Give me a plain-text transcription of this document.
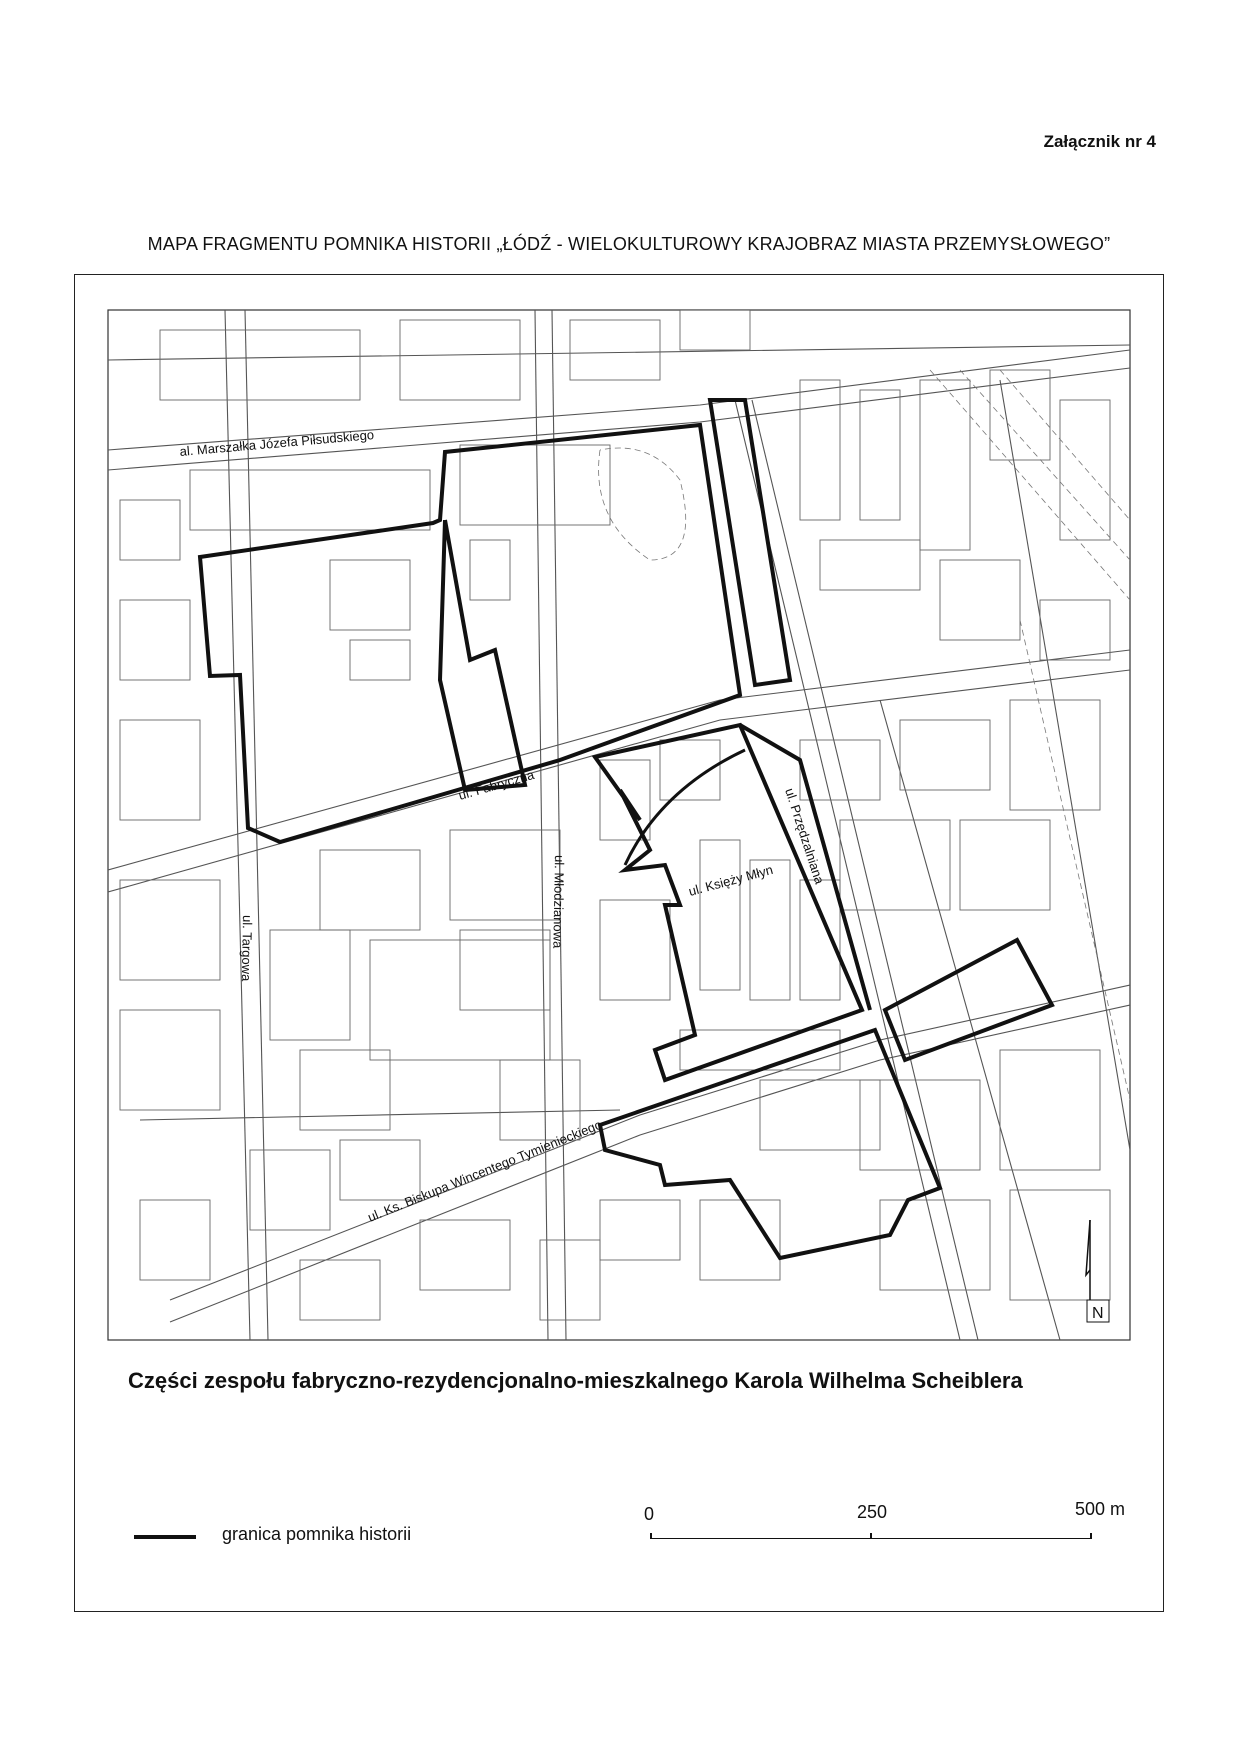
Załącznik nr 4
MAPA FRAGMENTU POMNIKA HISTORII „ŁÓDŹ - WIELOKULTUROWY KRAJOBRAZ MIASTA PRZEMYSŁOWEGO”
al. Marszałka Józefa Piłsudskiego
ul. Fabryczna
ul. Targowa	ul. Młodzianowa
ul. Przędzalniana
ul. Księży Młyn
ul. Ks. Biskupa Wincentego Tymienieckiego
N
Części zespołu fabryczno-rezydencjonalno-mieszkalnego Karola Wilhelma Scheiblera
granica pomnika historii
0	250	500 m
